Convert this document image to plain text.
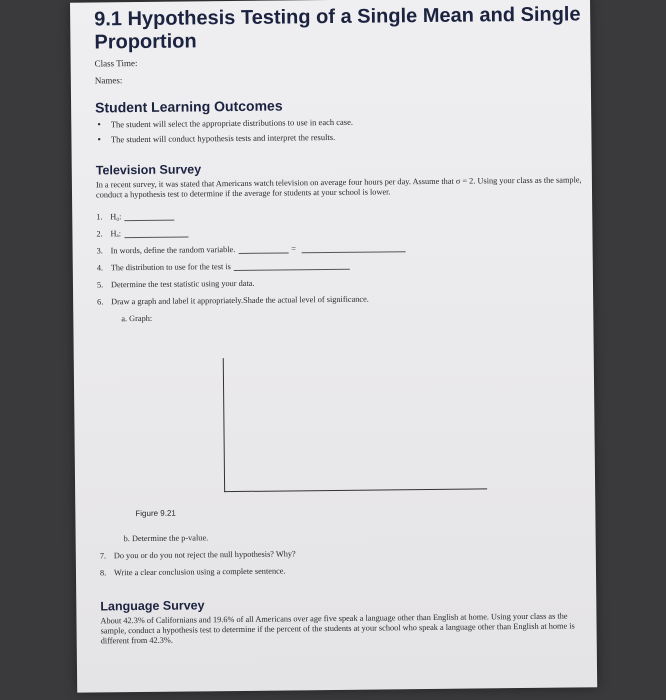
9.1 Hypothesis Testing of a Single Mean and Single
Proportion

Class Time:

Names:

Student Learning Outcomes
• The student will select the appropriate distributions to use in each case.
• The student will conduct hypothesis tests and interpret the results.
Television Survey

In a recent survey, it was stated that Americans watch television on average four hours per day. Assume that σ = 2. Using your class as the sample, conduct a hypothesis test to determine if the average for students at your school is lower.

1. H₀:
2. Hₐ:
3. In words, define the random variable.	=
4. The distribution to use for the test is
5. Determine the test statistic using your data.
6. Draw a graph and label it appropriately.Shade the actual level of significance.
a. Graph:
Figure 9.21
b. Determine the p-value.
7. Do you or do you not reject the null hypothesis? Why?
8. Write a clear conclusion using a complete sentence.
Language Survey

About 42.3% of Californians and 19.6% of all Americans over age five speak a language other than English at home. Using your class as the sample, conduct a hypothesis test to determine if the percent of the students at your school who speak a language other than English at home is different from 42.3%.
